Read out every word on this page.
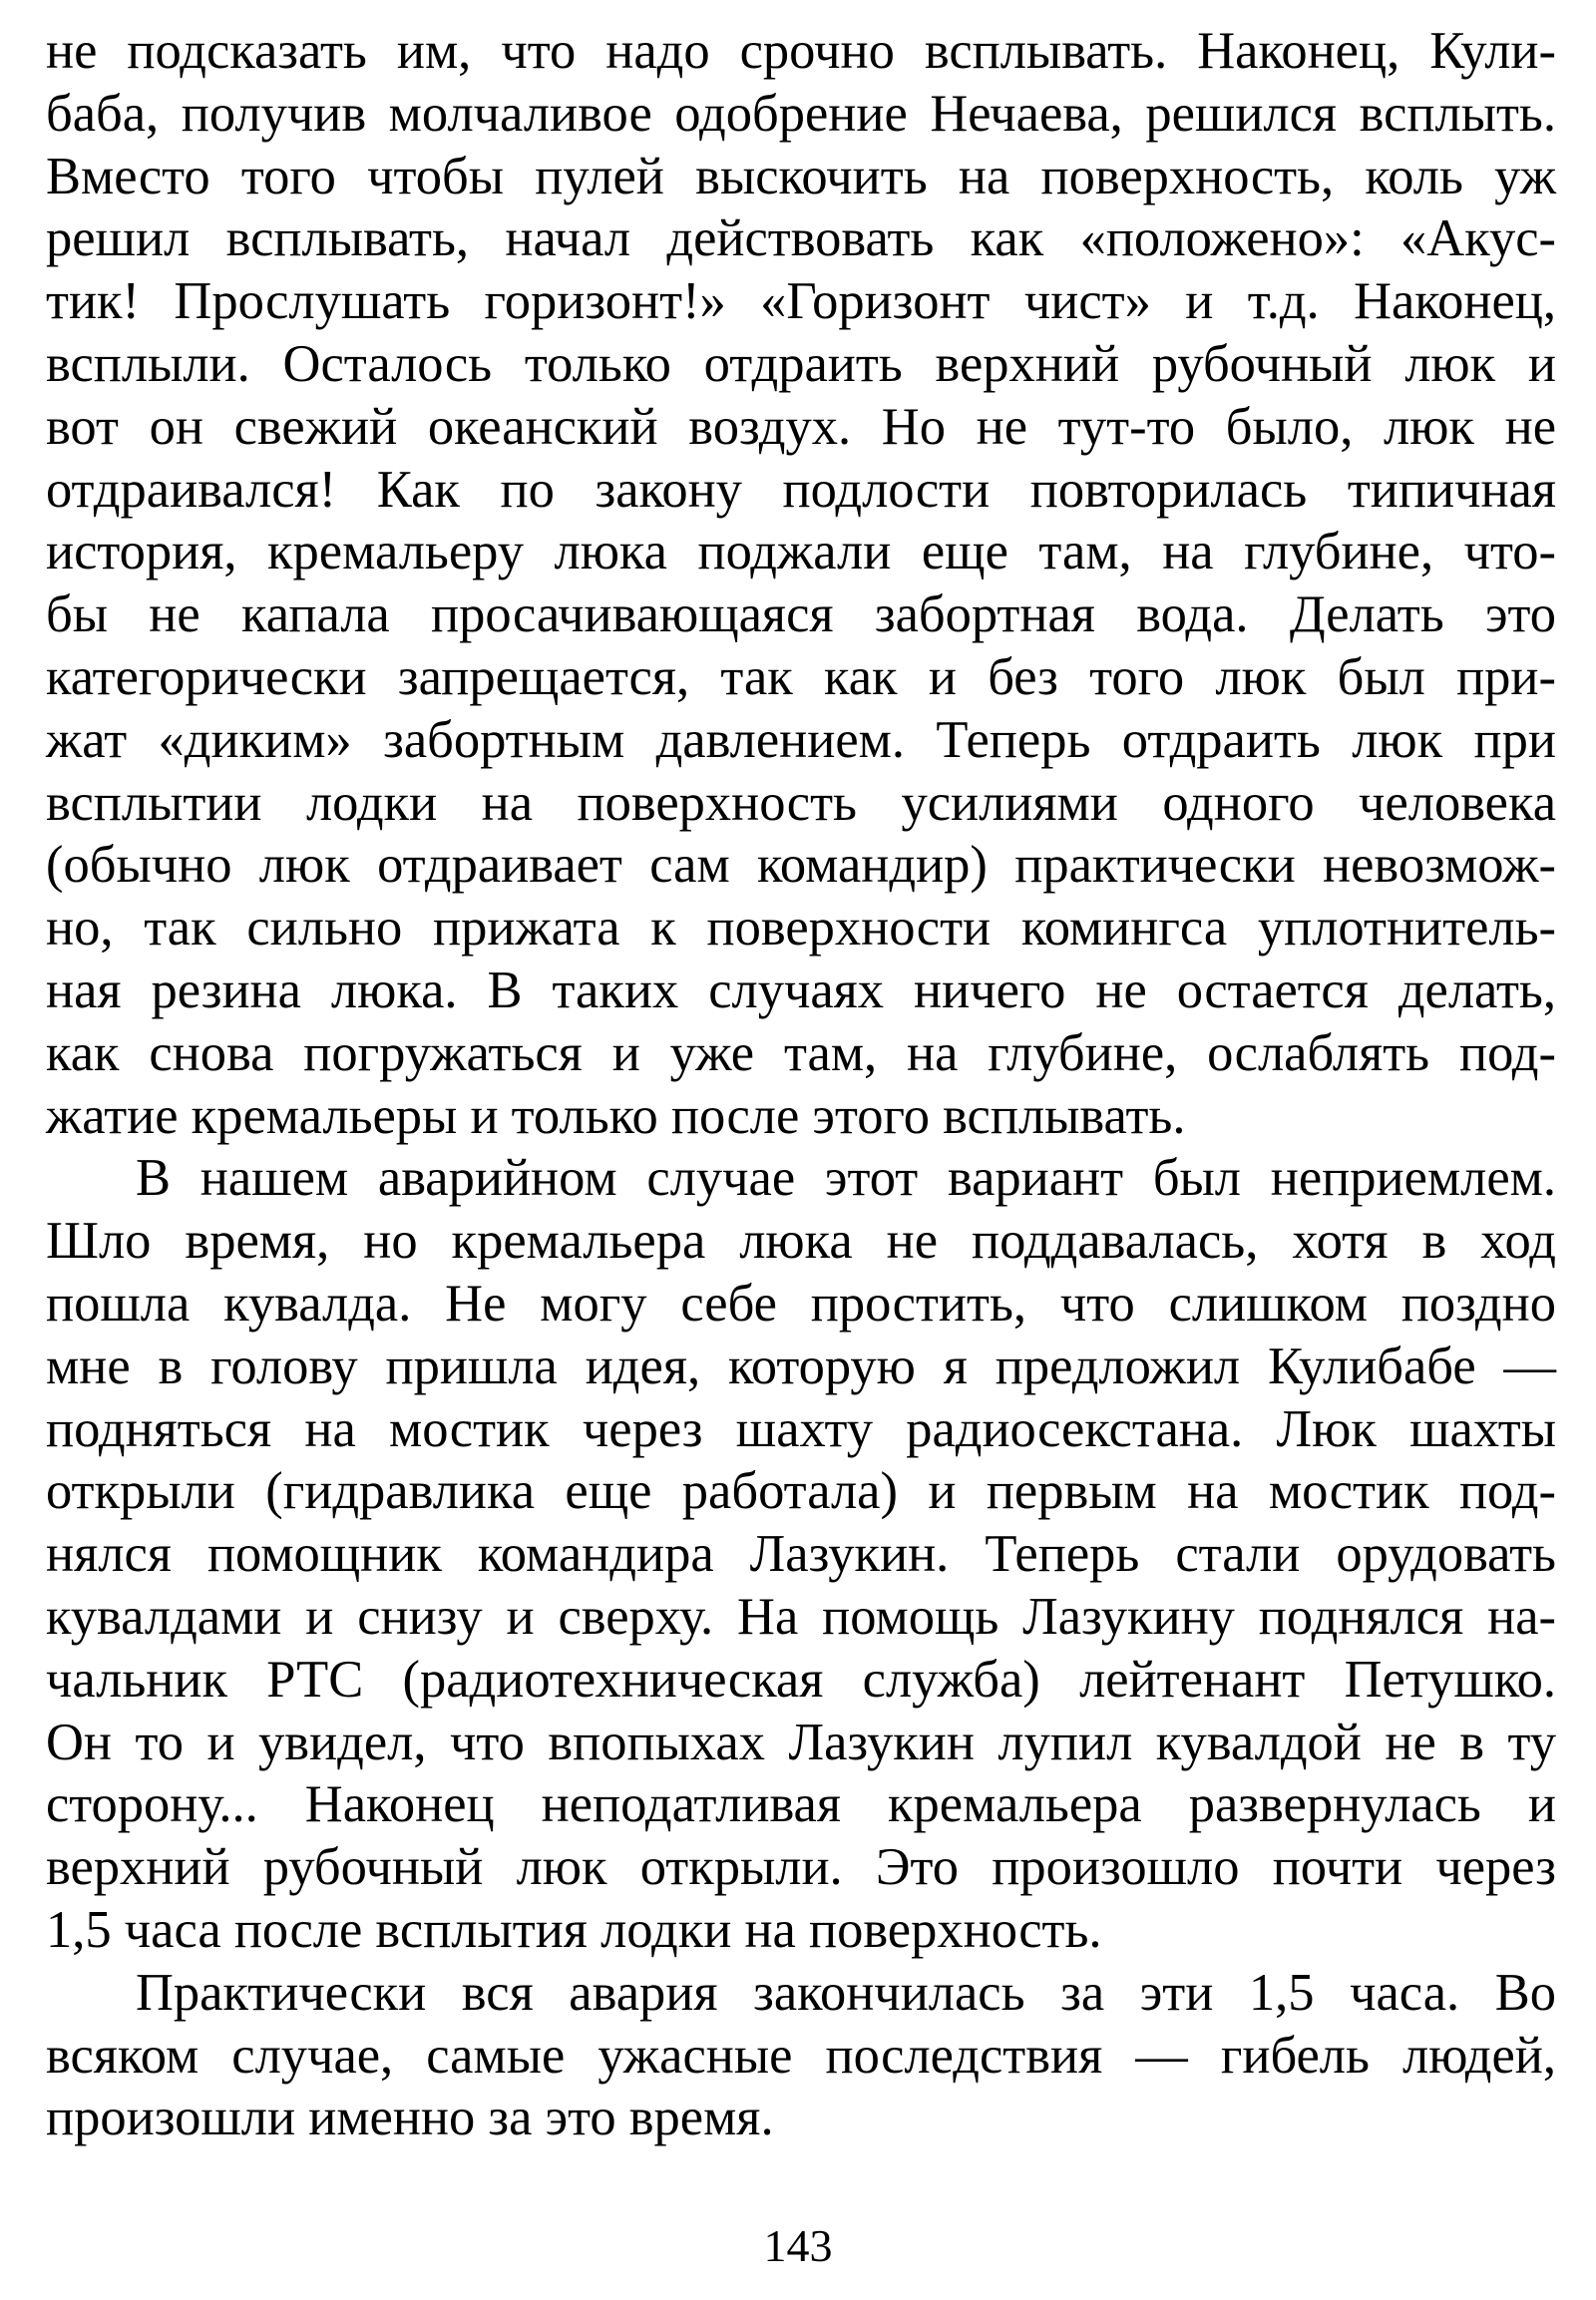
не подсказать им, что надо срочно всплывать. Наконец, Кули-
баба, получив молчаливое одобрение Нечаева, решился всплыть.
Вместо того чтобы пулей выскочить на поверхность, коль уж
решил всплывать, начал действовать как «положено»: «Акус-
тик! Прослушать горизонт!» «Горизонт чист» и т.д. Наконец,
всплыли. Осталось только отдраить верхний рубочный люк и
вот он свежий океанский воздух. Но не тут-то было, люк не
отдраивался! Как по закону подлости повторилась типичная
история, кремальеру люка поджали еще там, на глубине, что-
бы не капала просачивающаяся забортная вода. Делать это
категорически запрещается, так как и без того люк был при-
жат «диким» забортным давлением. Теперь отдраить люк при
всплытии лодки на поверхность усилиями одного человека
(обычно люк отдраивает сам командир) практически невозмож-
но, так сильно прижата к поверхности комингса уплотнитель-
ная резина люка. В таких случаях ничего не остается делать,
как снова погружаться и уже там, на глубине, ослаблять под-
жатие кремальеры и только после этого всплывать.
В нашем аварийном случае этот вариант был неприемлем.
Шло время, но кремальера люка не поддавалась, хотя в ход
пошла кувалда. Не могу себе простить, что слишком поздно
мне в голову пришла идея, которую я предложил Кулибабе —
подняться на мостик через шахту радиосекстана. Люк шахты
открыли (гидравлика еще работала) и первым на мостик под-
нялся помощник командира Лазукин. Теперь стали орудовать
кувалдами и снизу и сверху. На помощь Лазукину поднялся на-
чальник РТС (радиотехническая служба) лейтенант Петушко.
Он то и увидел, что впопыхах Лазукин лупил кувалдой не в ту
сторону... Наконец неподатливая кремальера развернулась и
верхний рубочный люк открыли. Это произошло почти через
1,5 часа после всплытия лодки на поверхность.
Практически вся авария закончилась за эти 1,5 часа. Во
всяком случае, самые ужасные последствия — гибель людей,
произошли именно за это время.
143
